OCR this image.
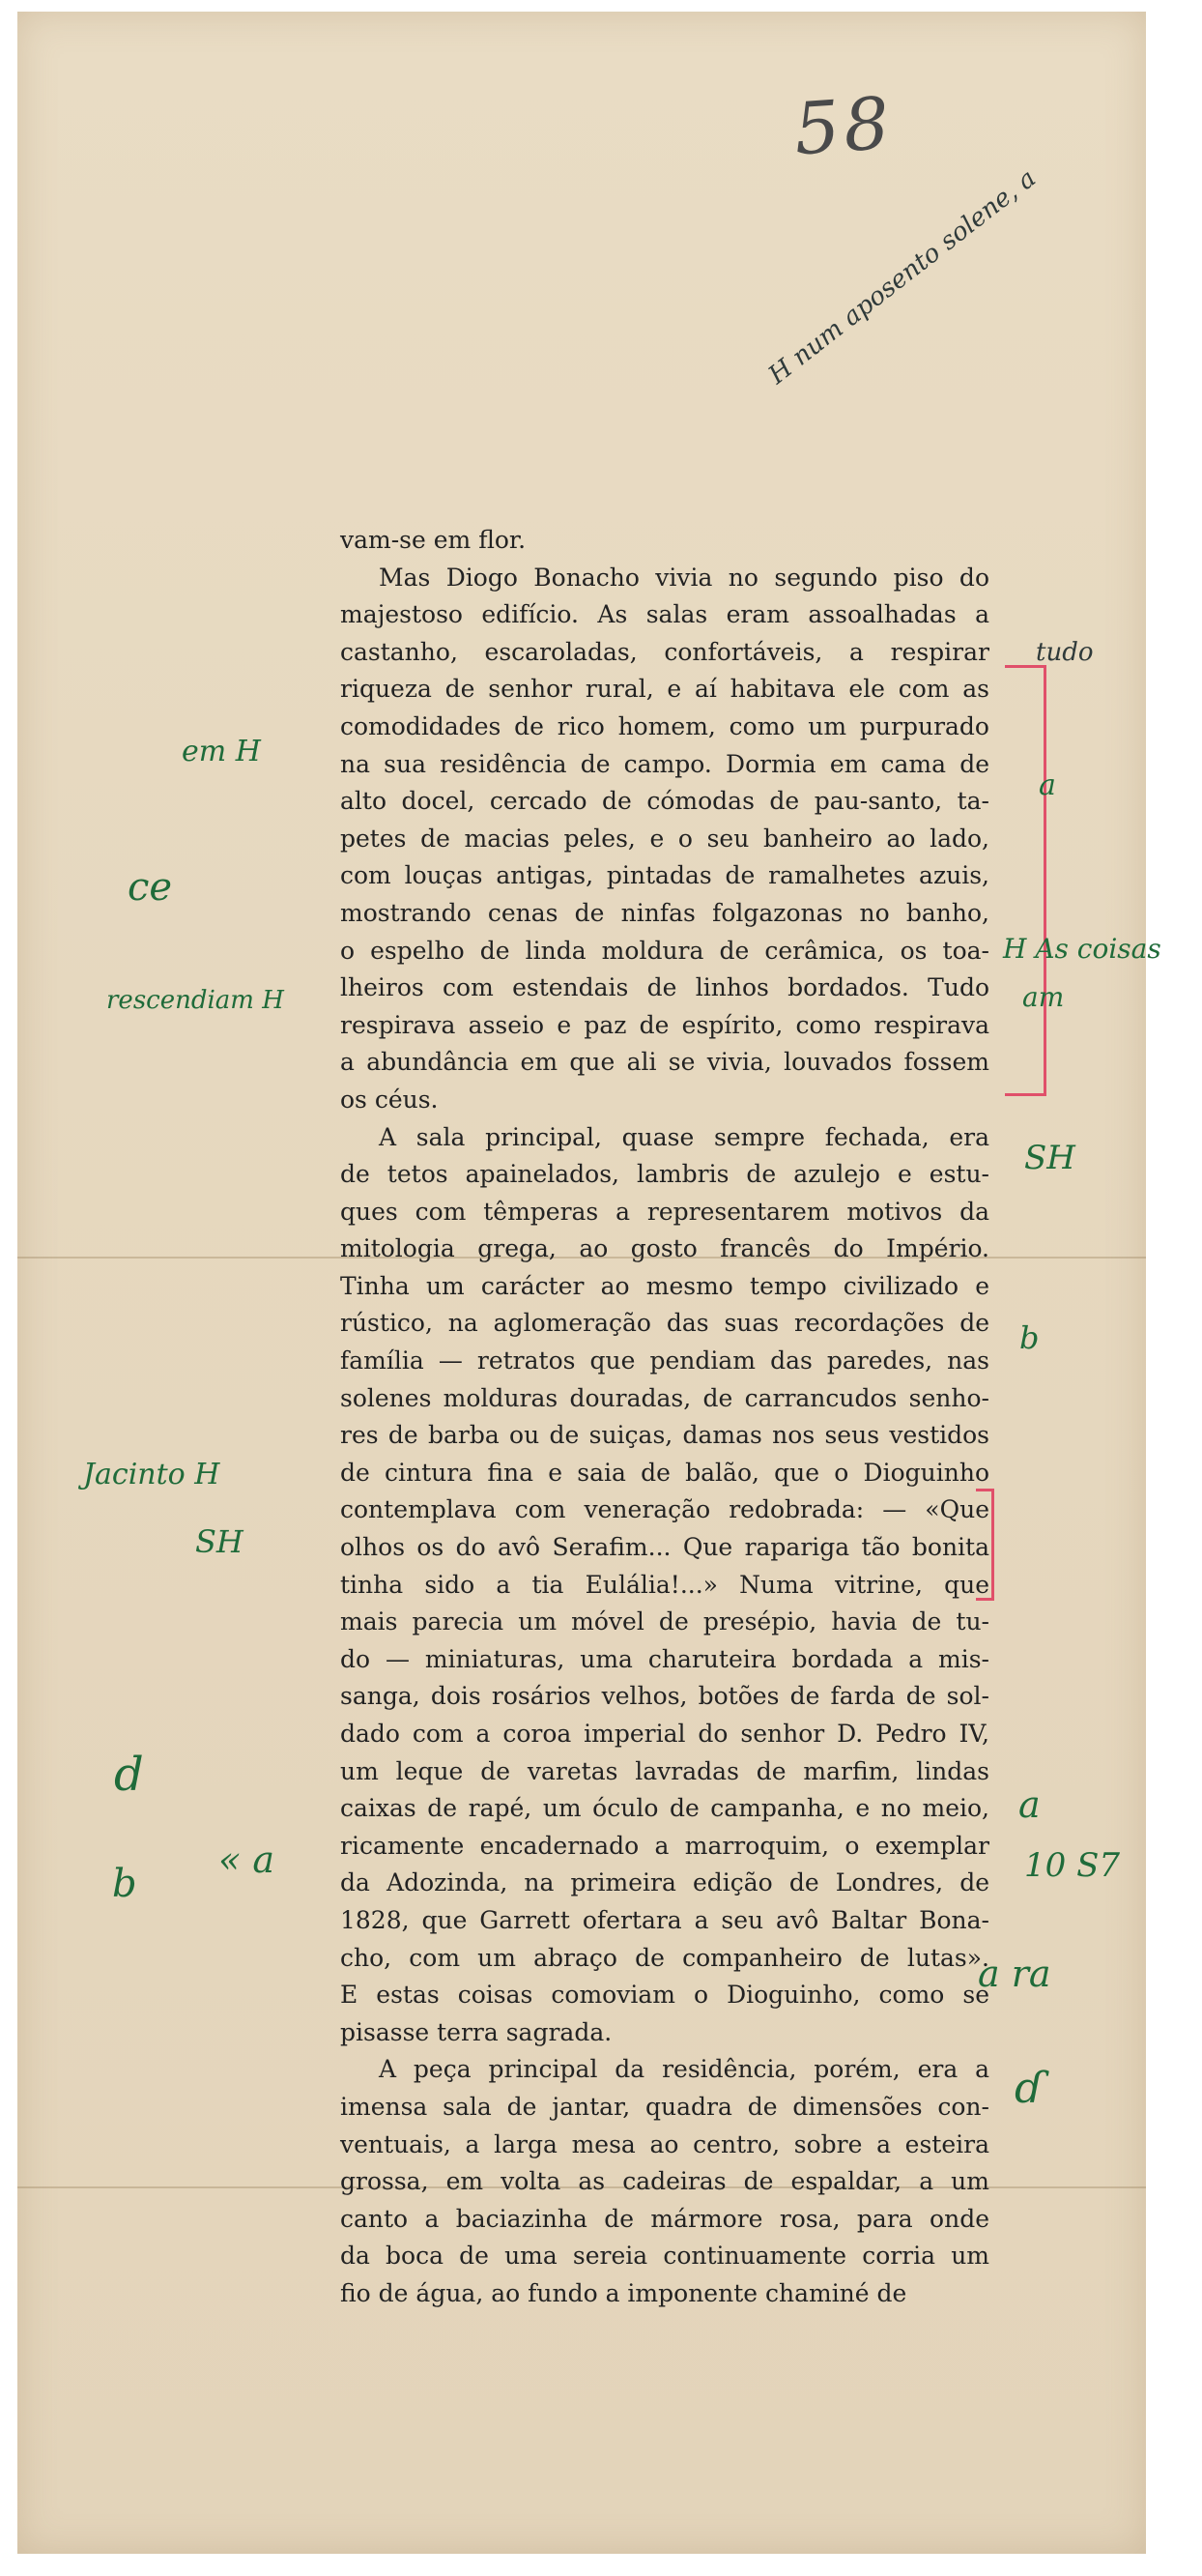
58
vam-se em flor.
Mas Diogo Bonacho vivia no segundo piso do
majestoso edifício. As salas eram assoalhadas a
castanho, escaroladas, confortáveis, a respirar
riqueza de senhor rural, e aí habitava ele com as
comodidades de rico homem, como um purpurado
na sua residência de campo. Dormia em cama de
alto docel, cercado de cómodas de pau-santo, ta-
petes de macias peles, e o seu banheiro ao lado,
com louças antigas, pintadas de ramalhetes azuis,
mostrando cenas de ninfas folgazonas no banho,
o espelho de linda moldura de cerâmica, os toa-
lheiros com estendais de linhos bordados. Tudo
respirava asseio e paz de espírito, como respirava
a abundância em que ali se vivia, louvados fossem
os céus.
A sala principal, quase sempre fechada, era
de tetos apainelados, lambris de azulejo e estu-
ques com têmperas a representarem motivos da
mitologia grega, ao gosto francês do Império.
Tinha um carácter ao mesmo tempo civilizado e
rústico, na aglomeração das suas recordações de
família — retratos que pendiam das paredes, nas
solenes molduras douradas, de carrancudos senho-
res de barba ou de suiças, damas nos seus vestidos
de cintura fina e saia de balão, que o Dioguinho
contemplava com veneração redobrada: — «Que
olhos os do avô Serafim... Que rapariga tão bonita
tinha sido a tia Eulália!...» Numa vitrine, que
mais parecia um móvel de presépio, havia de tu-
do — miniaturas, uma charuteira bordada a mis-
sanga, dois rosários velhos, botões de farda de sol-
dado com a coroa imperial do senhor D. Pedro IV,
um leque de varetas lavradas de marfim, lindas
caixas de rapé, um óculo de campanha, e no meio,
ricamente encadernado a marroquim, o exemplar
da Adozinda, na primeira edição de Londres, de
1828, que Garrett ofertara a seu avô Baltar Bona-
cho, com um abraço de companheiro de lutas».
E estas coisas comoviam o Dioguinho, como se
pisasse terra sagrada.
A peça principal da residência, porém, era a
imensa sala de jantar, quadra de dimensões con-
ventuais, a larga mesa ao centro, sobre a esteira
grossa, em volta as cadeiras de espaldar, a um
canto a baciazinha de mármore rosa, para onde
da boca de uma sereia continuamente corria um
fio de água, ao fundo a imponente chaminé de
H num aposento solene, a
tudo
a
H As coisas
am
SH
b
a
10 S7
a ra
ɗ
em H
ce
rescendiam H
Jacinto H
SH
d
b
« a
